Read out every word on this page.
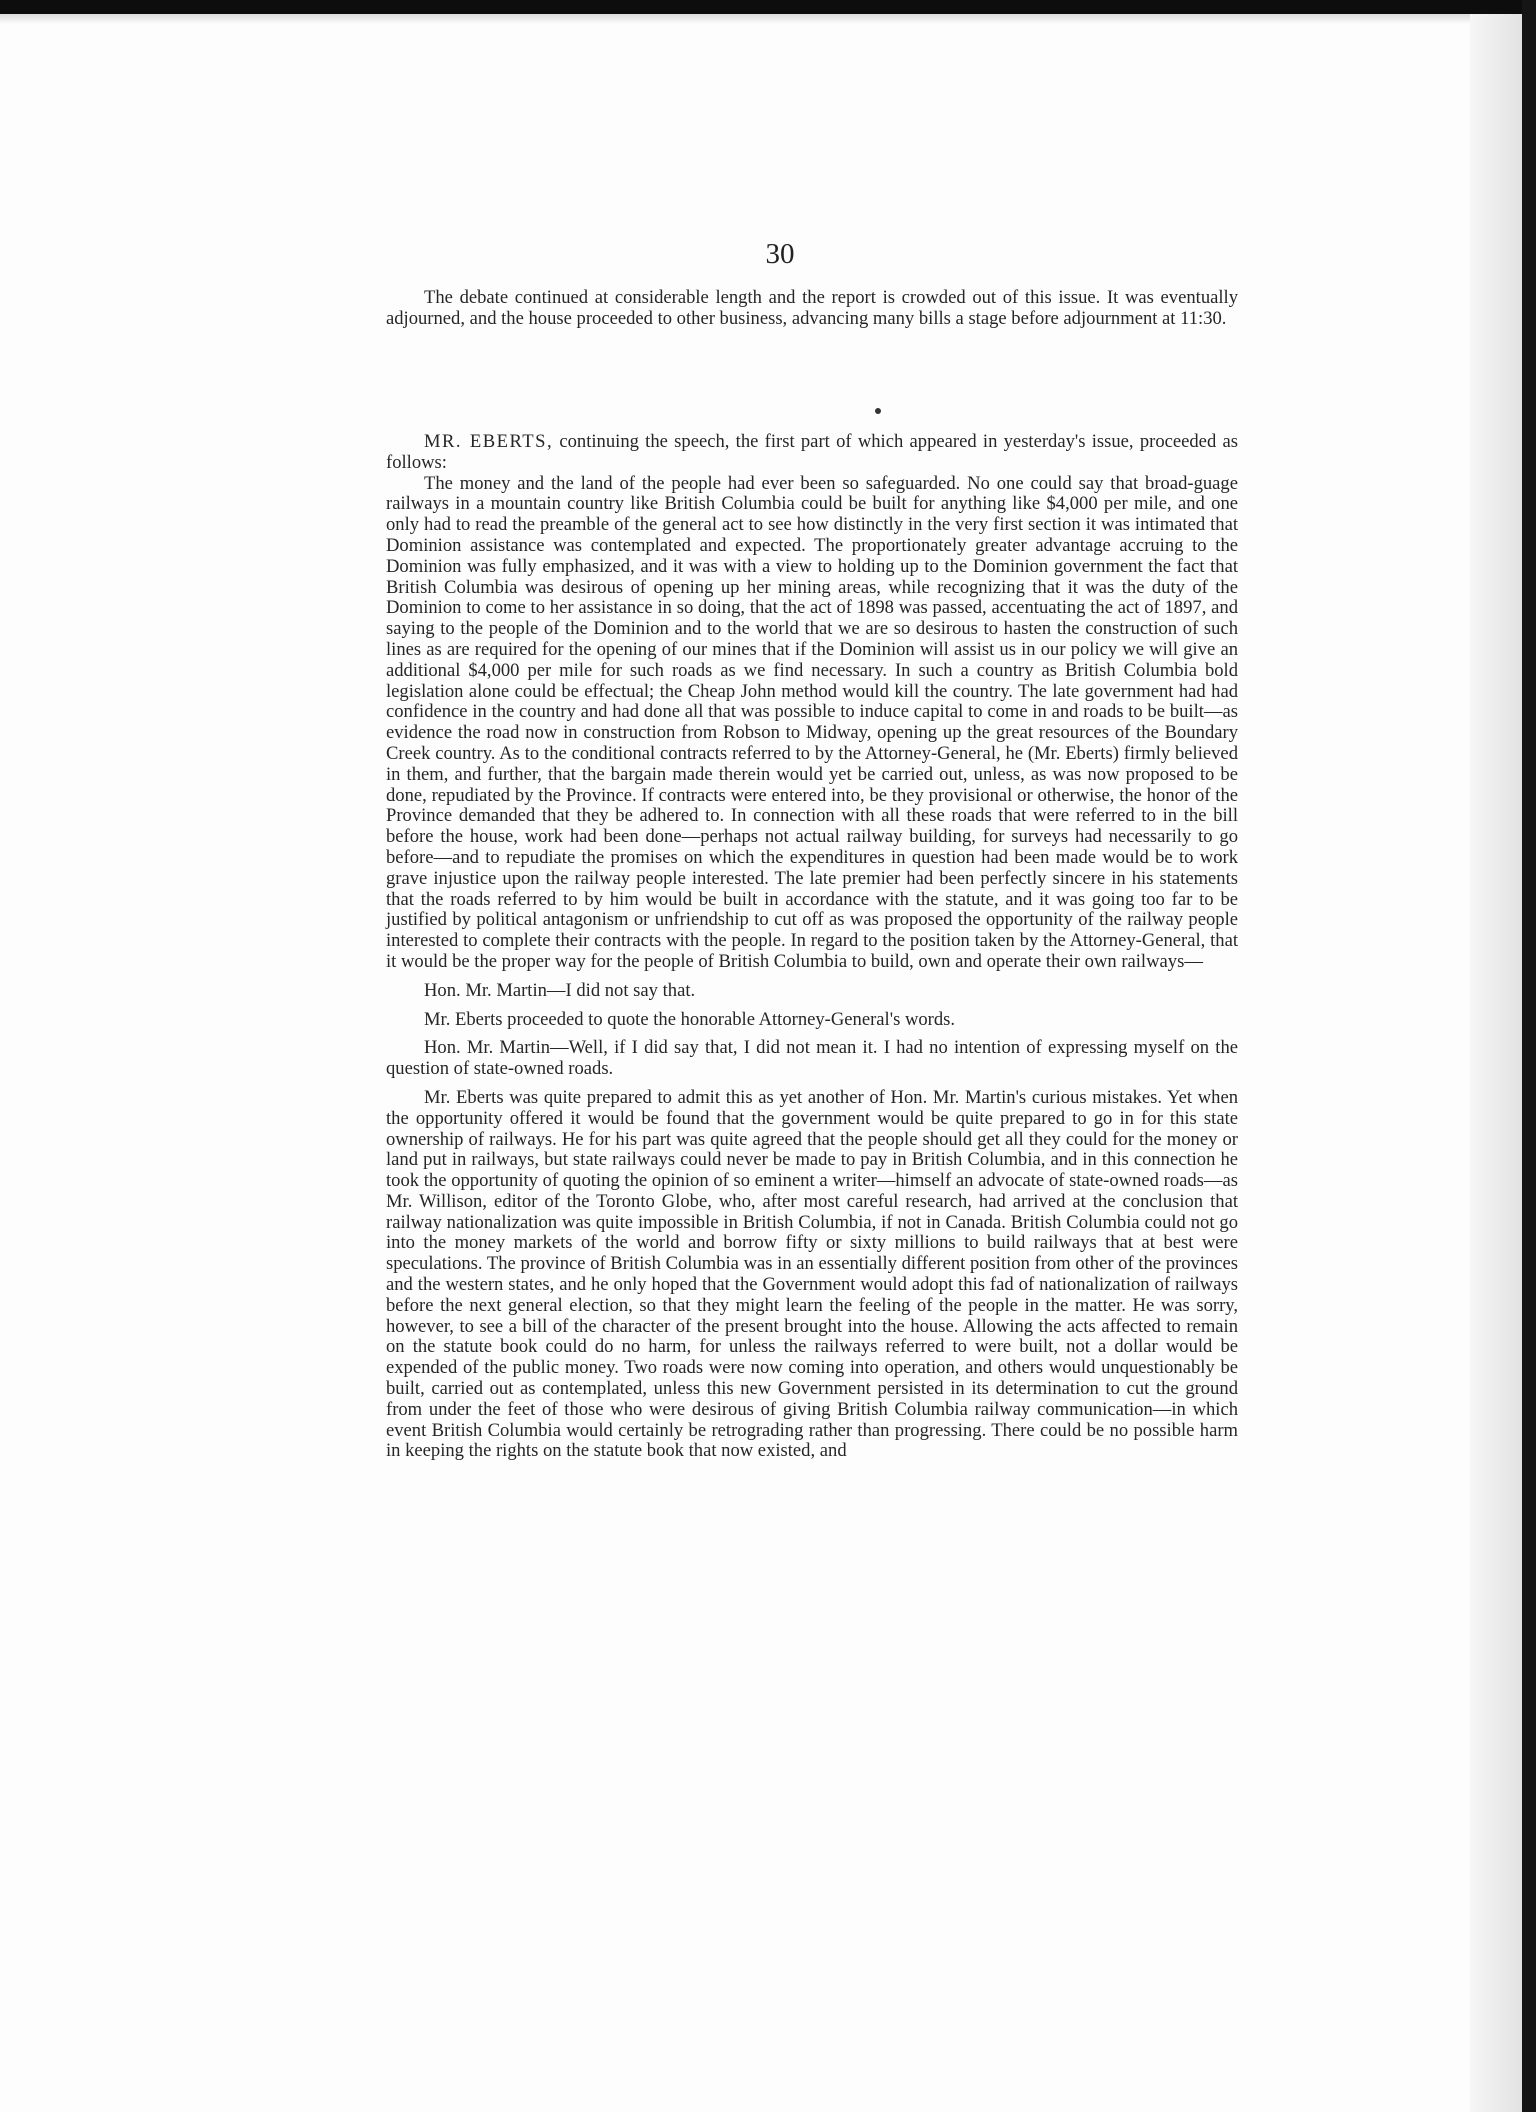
30

The debate continued at considerable length and the report is crowded out of this issue. It was eventually adjourned, and the house proceeded to other business, advancing many bills a stage before adjournment at 11:30.

MR. EBERTS, continuing the speech, the first part of which appeared in yesterday's issue, proceeded as follows:

The money and the land of the people had ever been so safeguarded. No one could say that broad-guage railways in a mountain country like British Columbia could be built for anything like $4,000 per mile, and one only had to read the preamble of the general act to see how distinctly in the very first section it was intimated that Dominion assistance was contemplated and expected. The proportionately greater advantage accruing to the Dominion was fully emphasized, and it was with a view to holding up to the Dominion government the fact that British Columbia was desirous of opening up her mining areas, while recognizing that it was the duty of the Dominion to come to her assistance in so doing, that the act of 1898 was passed, accentuating the act of 1897, and saying to the people of the Dominion and to the world that we are so desirous to hasten the construction of such lines as are required for the opening of our mines that if the Dominion will assist us in our policy we will give an additional $4,000 per mile for such roads as we find necessary. In such a country as British Columbia bold legislation alone could be effectual; the Cheap John method would kill the country. The late government had had confidence in the country and had done all that was possible to induce capital to come in and roads to be built—as evidence the road now in construction from Robson to Midway, opening up the great resources of the Boundary Creek country. As to the conditional contracts referred to by the Attorney-General, he (Mr. Eberts) firmly believed in them, and further, that the bargain made therein would yet be carried out, unless, as was now proposed to be done, repudiated by the Province. If contracts were entered into, be they provisional or otherwise, the honor of the Province demanded that they be adhered to. In connection with all these roads that were referred to in the bill before the house, work had been done—perhaps not actual railway building, for surveys had necessarily to go before—and to repudiate the promises on which the expenditures in question had been made would be to work grave injustice upon the railway people interested. The late premier had been perfectly sincere in his statements that the roads referred to by him would be built in accordance with the statute, and it was going too far to be justified by political antagonism or unfriendship to cut off as was proposed the opportunity of the railway people interested to complete their contracts with the people. In regard to the position taken by the Attorney-General, that it would be the proper way for the people of British Columbia to build, own and operate their own railways—

Hon. Mr. Martin—I did not say that.

Mr. Eberts proceeded to quote the honorable Attorney-General's words.

Hon. Mr. Martin—Well, if I did say that, I did not mean it. I had no intention of expressing myself on the question of state-owned roads.

Mr. Eberts was quite prepared to admit this as yet another of Hon. Mr. Martin's curious mistakes. Yet when the opportunity offered it would be found that the government would be quite prepared to go in for this state ownership of railways. He for his part was quite agreed that the people should get all they could for the money or land put in railways, but state railways could never be made to pay in British Columbia, and in this connection he took the opportunity of quoting the opinion of so eminent a writer—himself an advocate of state-owned roads—as Mr. Willison, editor of the Toronto Globe, who, after most careful research, had arrived at the conclusion that railway nationalization was quite impossible in British Columbia, if not in Canada. British Columbia could not go into the money markets of the world and borrow fifty or sixty millions to build railways that at best were speculations. The province of British Columbia was in an essentially different position from other of the provinces and the western states, and he only hoped that the Government would adopt this fad of nationalization of railways before the next general election, so that they might learn the feeling of the people in the matter. He was sorry, however, to see a bill of the character of the present brought into the house. Allowing the acts affected to remain on the statute book could do no harm, for unless the railways referred to were built, not a dollar would be expended of the public money. Two roads were now coming into operation, and others would unquestionably be built, carried out as contemplated, unless this new Government persisted in its determination to cut the ground from under the feet of those who were desirous of giving British Columbia railway communication—in which event British Columbia would certainly be retrograding rather than progressing. There could be no possible harm in keeping the rights on the statute book that now existed, and
